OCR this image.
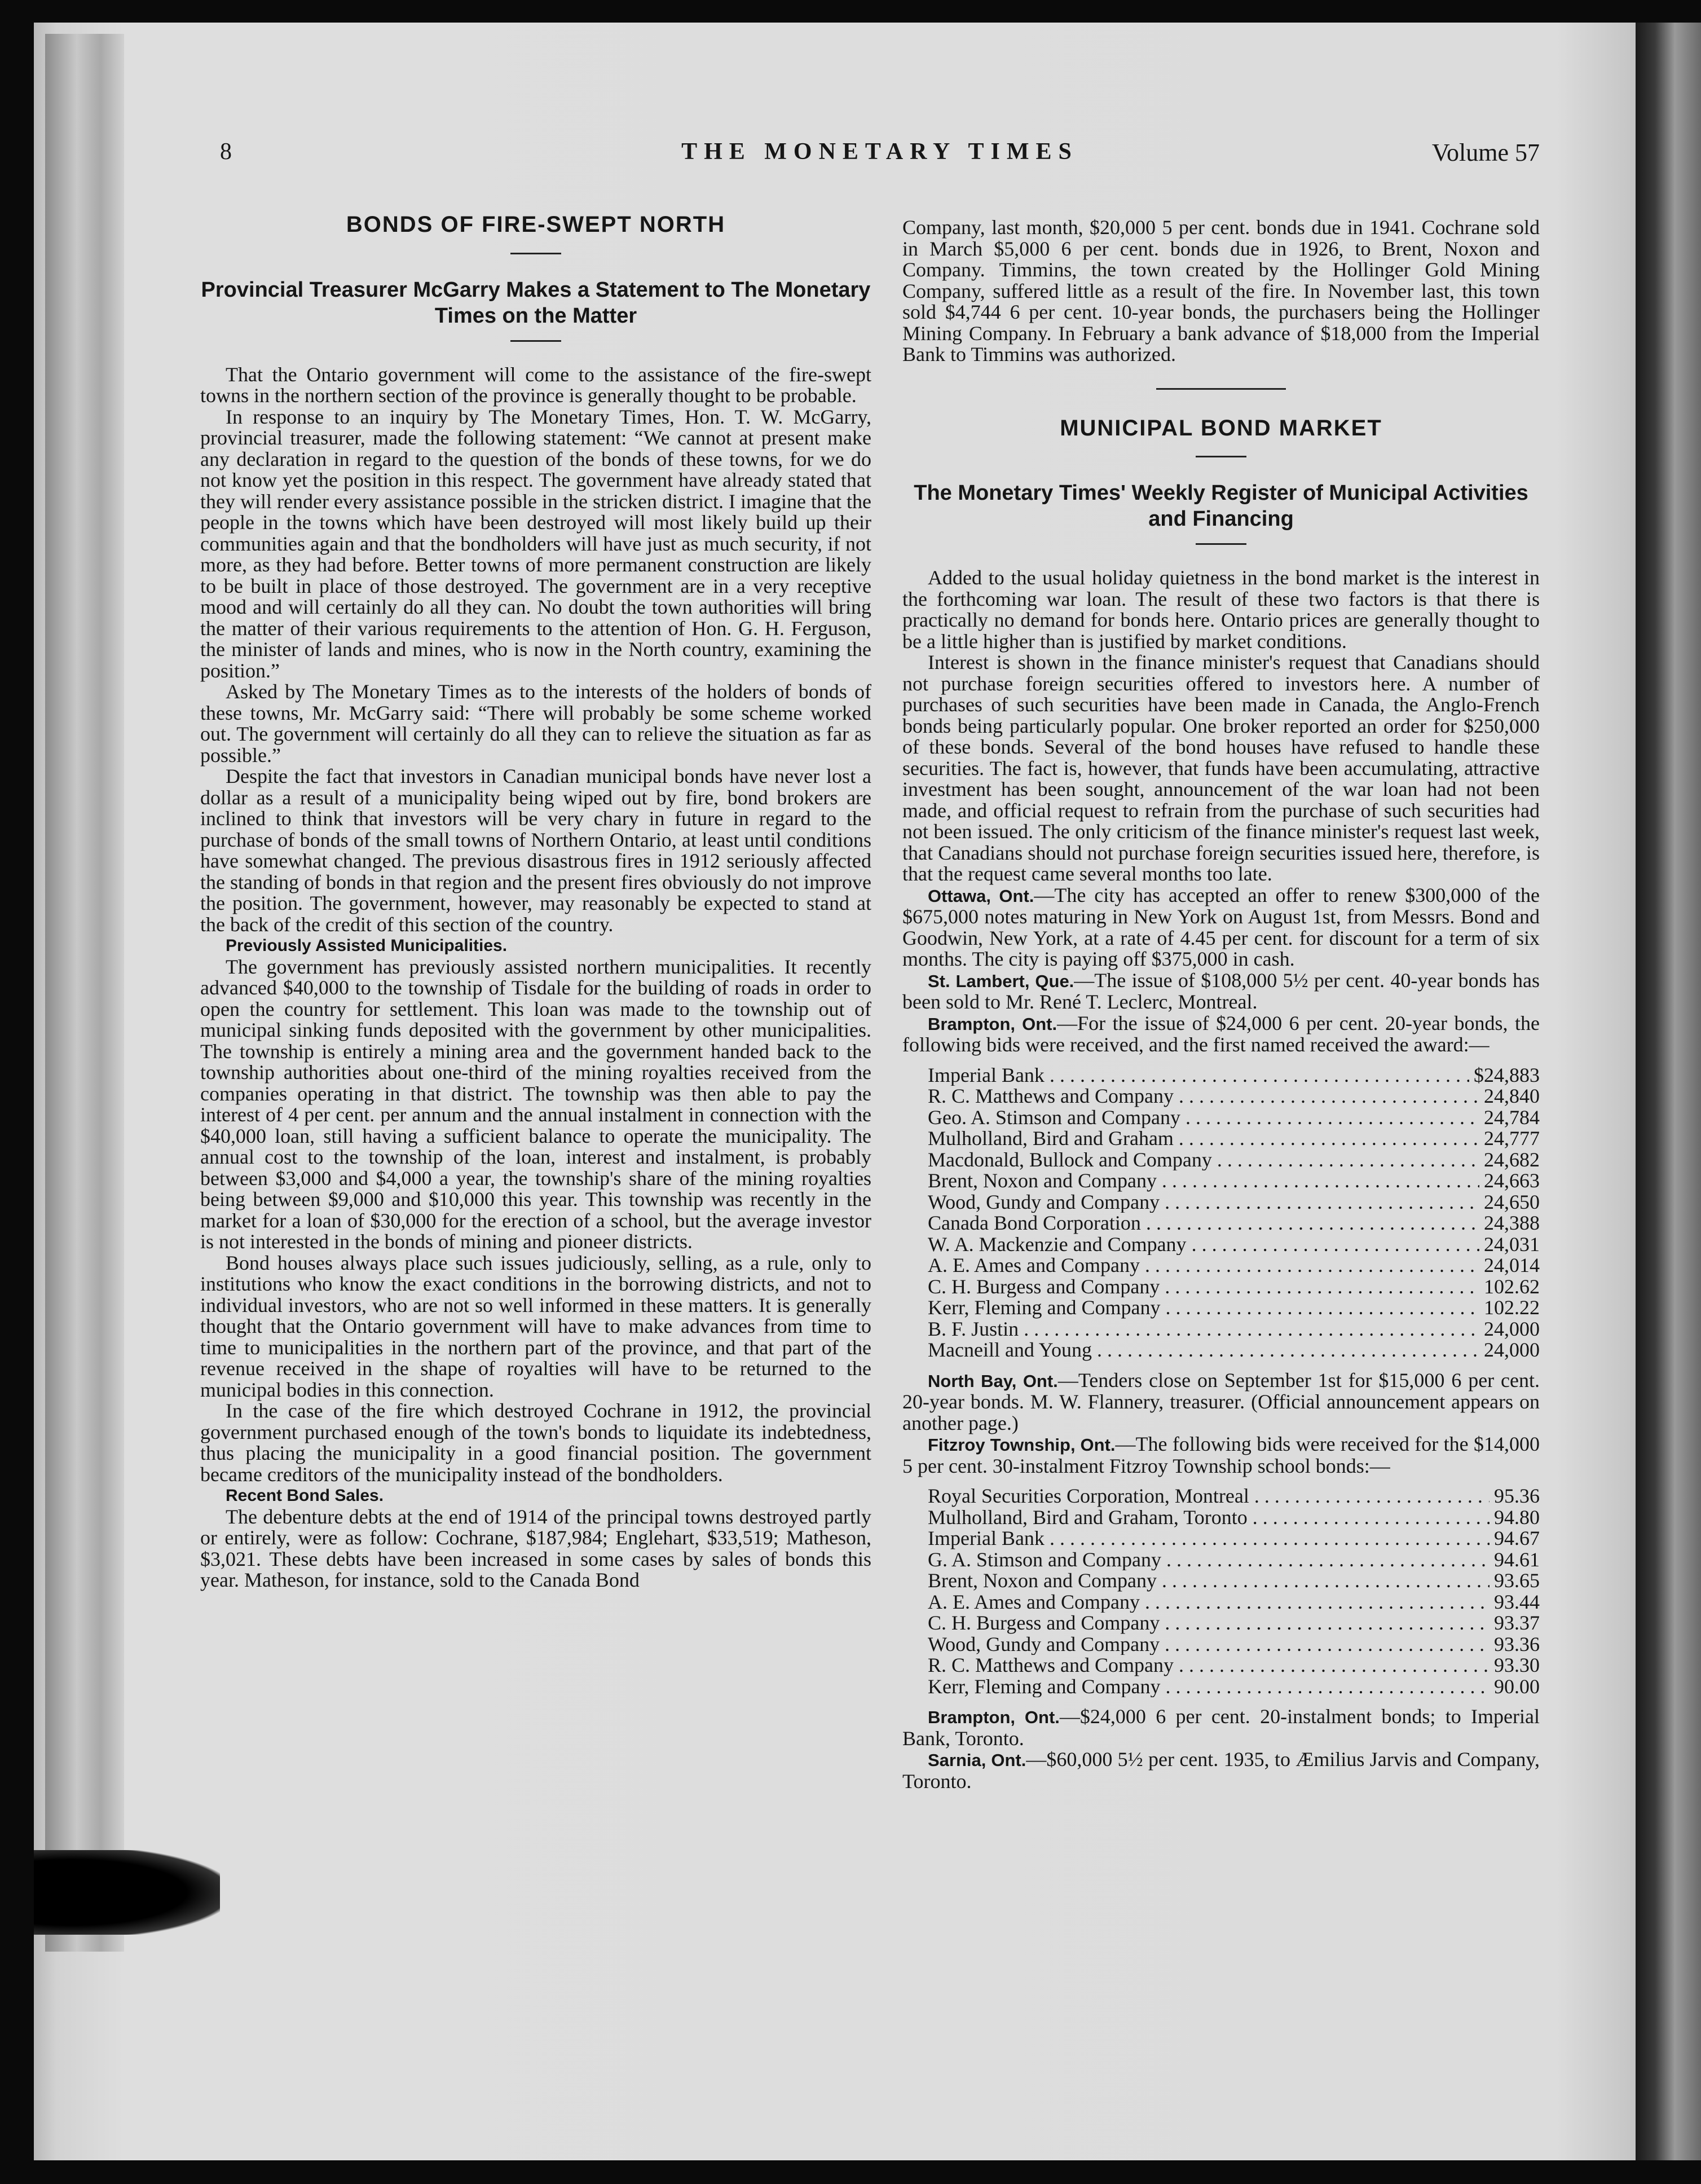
8	THE MONETARY TIMES	Volume 57
BONDS OF FIRE-SWEPT NORTH
Provincial Treasurer McGarry Makes a Statement to The Monetary Times on the Matter

That the Ontario government will come to the assistance of the fire-swept towns in the northern section of the province is generally thought to be probable.

In response to an inquiry by The Monetary Times, Hon. T. W. McGarry, provincial treasurer, made the following statement: “We cannot at present make any declaration in regard to the question of the bonds of these towns, for we do not know yet the position in this respect. The government have already stated that they will render every assistance possible in the stricken district. I imagine that the people in the towns which have been destroyed will most likely build up their communities again and that the bondholders will have just as much security, if not more, as they had before. Better towns of more permanent construction are likely to be built in place of those destroyed. The government are in a very receptive mood and will certainly do all they can. No doubt the town authorities will bring the matter of their various requirements to the attention of Hon. G. H. Ferguson, the minister of lands and mines, who is now in the North country, examining the position.”

Asked by The Monetary Times as to the interests of the holders of bonds of these towns, Mr. McGarry said: “There will probably be some scheme worked out. The government will certainly do all they can to relieve the situation as far as possible.”

Despite the fact that investors in Canadian municipal bonds have never lost a dollar as a result of a municipality being wiped out by fire, bond brokers are inclined to think that investors will be very chary in future in regard to the purchase of bonds of the small towns of Northern Ontario, at least until conditions have somewhat changed. The previous disastrous fires in 1912 seriously affected the standing of bonds in that region and the present fires obviously do not improve the position. The government, however, may reasonably be expected to stand at the back of the credit of this section of the country.

Previously Assisted Municipalities.

The government has previously assisted northern municipalities. It recently advanced $40,000 to the township of Tisdale for the building of roads in order to open the country for settlement. This loan was made to the township out of municipal sinking funds deposited with the government by other municipalities. The township is entirely a mining area and the government handed back to the township authorities about one-third of the mining royalties received from the companies operating in that district. The township was then able to pay the interest of 4 per cent. per annum and the annual instalment in connection with the $40,000 loan, still having a sufficient balance to operate the municipality. The annual cost to the township of the loan, interest and instalment, is probably between $3,000 and $4,000 a year, the township's share of the mining royalties being between $9,000 and $10,000 this year. This township was recently in the market for a loan of $30,000 for the erection of a school, but the average investor is not interested in the bonds of mining and pioneer districts.

Bond houses always place such issues judiciously, selling, as a rule, only to institutions who know the exact conditions in the borrowing districts, and not to individual investors, who are not so well informed in these matters. It is generally thought that the Ontario government will have to make advances from time to time to municipalities in the northern part of the province, and that part of the revenue received in the shape of royalties will have to be returned to the municipal bodies in this connection.

In the case of the fire which destroyed Cochrane in 1912, the provincial government purchased enough of the town's bonds to liquidate its indebtedness, thus placing the municipality in a good financial position. The government became creditors of the municipality instead of the bondholders.

Recent Bond Sales.

The debenture debts at the end of 1914 of the principal towns destroyed partly or entirely, were as follow: Cochrane, $187,984; Englehart, $33,519; Matheson, $3,021. These debts have been increased in some cases by sales of bonds this year. Matheson, for instance, sold to the Canada Bond

Company, last month, $20,000 5 per cent. bonds due in 1941. Cochrane sold in March $5,000 6 per cent. bonds due in 1926, to Brent, Noxon and Company. Timmins, the town created by the Hollinger Gold Mining Company, suffered little as a result of the fire. In November last, this town sold $4,744 6 per cent. 10-year bonds, the purchasers being the Hollinger Mining Company. In February a bank advance of $18,000 from the Imperial Bank to Timmins was authorized.

MUNICIPAL BOND MARKET
The Monetary Times' Weekly Register of Municipal Activities and Financing

Added to the usual holiday quietness in the bond market is the interest in the forthcoming war loan. The result of these two factors is that there is practically no demand for bonds here. Ontario prices are generally thought to be a little higher than is justified by market conditions.

Interest is shown in the finance minister's request that Canadians should not purchase foreign securities offered to investors here. A number of purchases of such securities have been made in Canada, the Anglo-French bonds being particularly popular. One broker reported an order for $250,000 of these bonds. Several of the bond houses have refused to handle these securities. The fact is, however, that funds have been accumulating, attractive investment has been sought, announcement of the war loan had not been made, and official request to refrain from the purchase of such securities had not been issued. The only criticism of the finance minister's request last week, that Canadians should not purchase foreign securities issued here, therefore, is that the request came several months too late.

Ottawa, Ont.—The city has accepted an offer to renew $300,000 of the $675,000 notes maturing in New York on August 1st, from Messrs. Bond and Goodwin, New York, at a rate of 4.45 per cent. for discount for a term of six months. The city is paying off $375,000 in cash.

St. Lambert, Que.—The issue of $108,000 5½ per cent. 40-year bonds has been sold to Mr. René T. Leclerc, Montreal.

Brampton, Ont.—For the issue of $24,000 6 per cent. 20-year bonds, the following bids were received, and the first named received the award:—

Imperial Bank . . .	$24,883
R. C. Matthews and Company . . .	24,840
Geo. A. Stimson and Company . . .	24,784
Mulholland, Bird and Graham . . .	24,777
Macdonald, Bullock and Company . . .	24,682
Brent, Noxon and Company . . .	24,663
Wood, Gundy and Company . . .	24,650
Canada Bond Corporation . . .	24,388
W. A. Mackenzie and Company . . .	24,031
A. E. Ames and Company . . .	24,014
C. H. Burgess and Company . . .	102.62
Kerr, Fleming and Company . . .	102.22
B. F. Justin . . .	24,000
Macneill and Young . . .	24,000

North Bay, Ont.—Tenders close on September 1st for $15,000 6 per cent. 20-year bonds. M. W. Flannery, treasurer. (Official announcement appears on another page.)

Fitzroy Township, Ont.—The following bids were received for the $14,000 5 per cent. 30-instalment Fitzroy Township school bonds:—

Royal Securities Corporation, Montreal . . .	95.36
Mulholland, Bird and Graham, Toronto . . .	94.80
Imperial Bank . . .	94.67
G. A. Stimson and Company . . .	94.61
Brent, Noxon and Company . . .	93.65
A. E. Ames and Company . . .	93.44
C. H. Burgess and Company . . .	93.37
Wood, Gundy and Company . . .	93.36
R. C. Matthews and Company . . .	93.30
Kerr, Fleming and Company . . .	90.00

Brampton, Ont.—$24,000 6 per cent. 20-instalment bonds; to Imperial Bank, Toronto.

Sarnia, Ont.—$60,000 5½ per cent. 1935, to Æmilius Jarvis and Company, Toronto.
